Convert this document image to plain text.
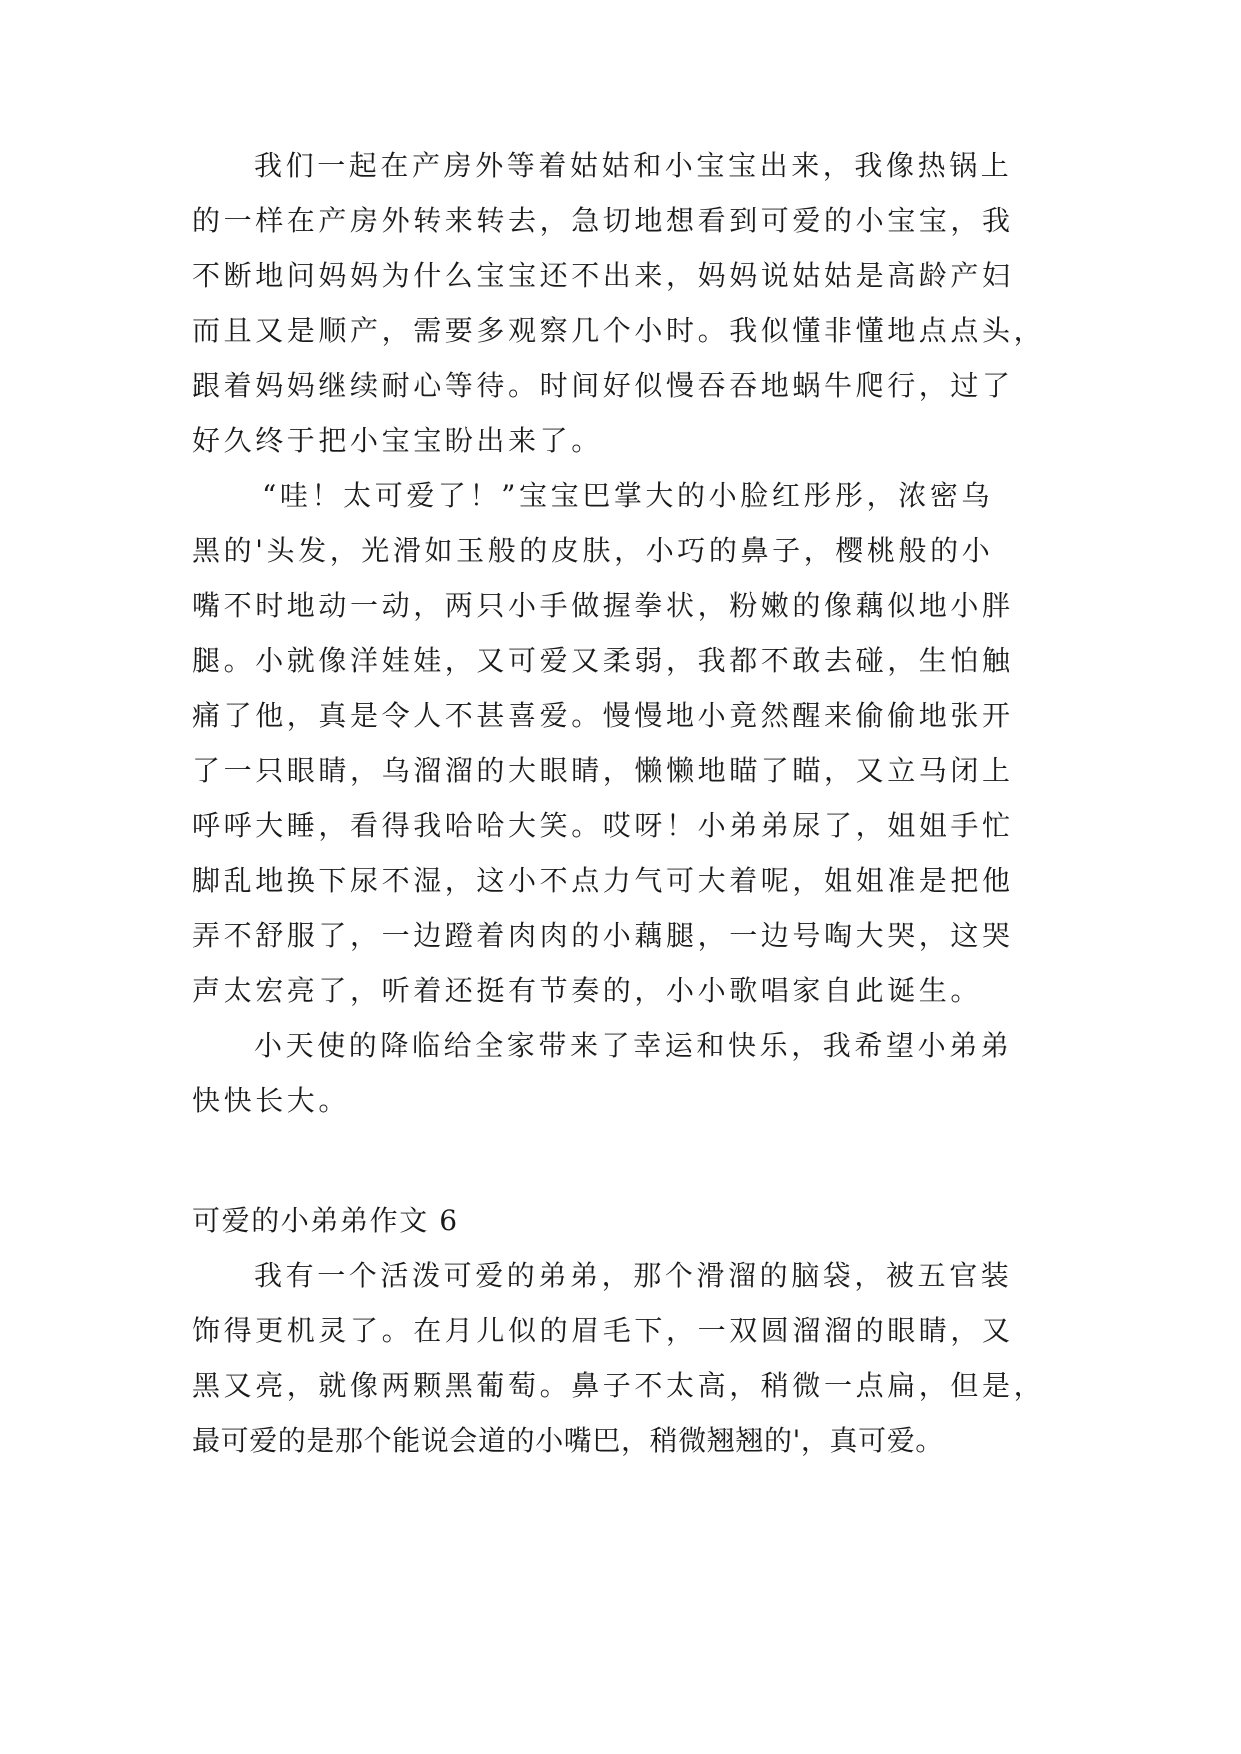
我们一起在产房外等着姑姑和小宝宝出来，我像热锅上

的一样在产房外转来转去，急切地想看到可爱的小宝宝，我

不断地问妈妈为什么宝宝还不出来，妈妈说姑姑是高龄产妇

而且又是顺产，需要多观察几个小时。我似懂非懂地点点头，

跟着妈妈继续耐心等待。时间好似慢吞吞地蜗牛爬行，过了

好久终于把小宝宝盼出来了。

“哇！太可爱了！”宝宝巴掌大的小脸红彤彤，浓密乌

黑的'头发，光滑如玉般的皮肤，小巧的鼻子，樱桃般的小

嘴不时地动一动，两只小手做握拳状，粉嫩的像藕似地小胖

腿。小就像洋娃娃，又可爱又柔弱，我都不敢去碰，生怕触

痛了他，真是令人不甚喜爱。慢慢地小竟然醒来偷偷地张开

了一只眼睛，乌溜溜的大眼睛，懒懒地瞄了瞄，又立马闭上

呼呼大睡，看得我哈哈大笑。哎呀！小弟弟尿了，姐姐手忙

脚乱地换下尿不湿，这小不点力气可大着呢，姐姐准是把他

弄不舒服了，一边蹬着肉肉的小藕腿，一边号啕大哭，这哭

声太宏亮了，听着还挺有节奏的，小小歌唱家自此诞生。

小天使的降临给全家带来了幸运和快乐，我希望小弟弟

快快长大。

可爱的小弟弟作文 6

我有一个活泼可爱的弟弟，那个滑溜的脑袋，被五官装

饰得更机灵了。在月儿似的眉毛下，一双圆溜溜的眼睛，又

黑又亮，就像两颗黑葡萄。鼻子不太高，稍微一点扁，但是，

最可爱的是那个能说会道的小嘴巴，稍微翘翘的'，真可爱。
